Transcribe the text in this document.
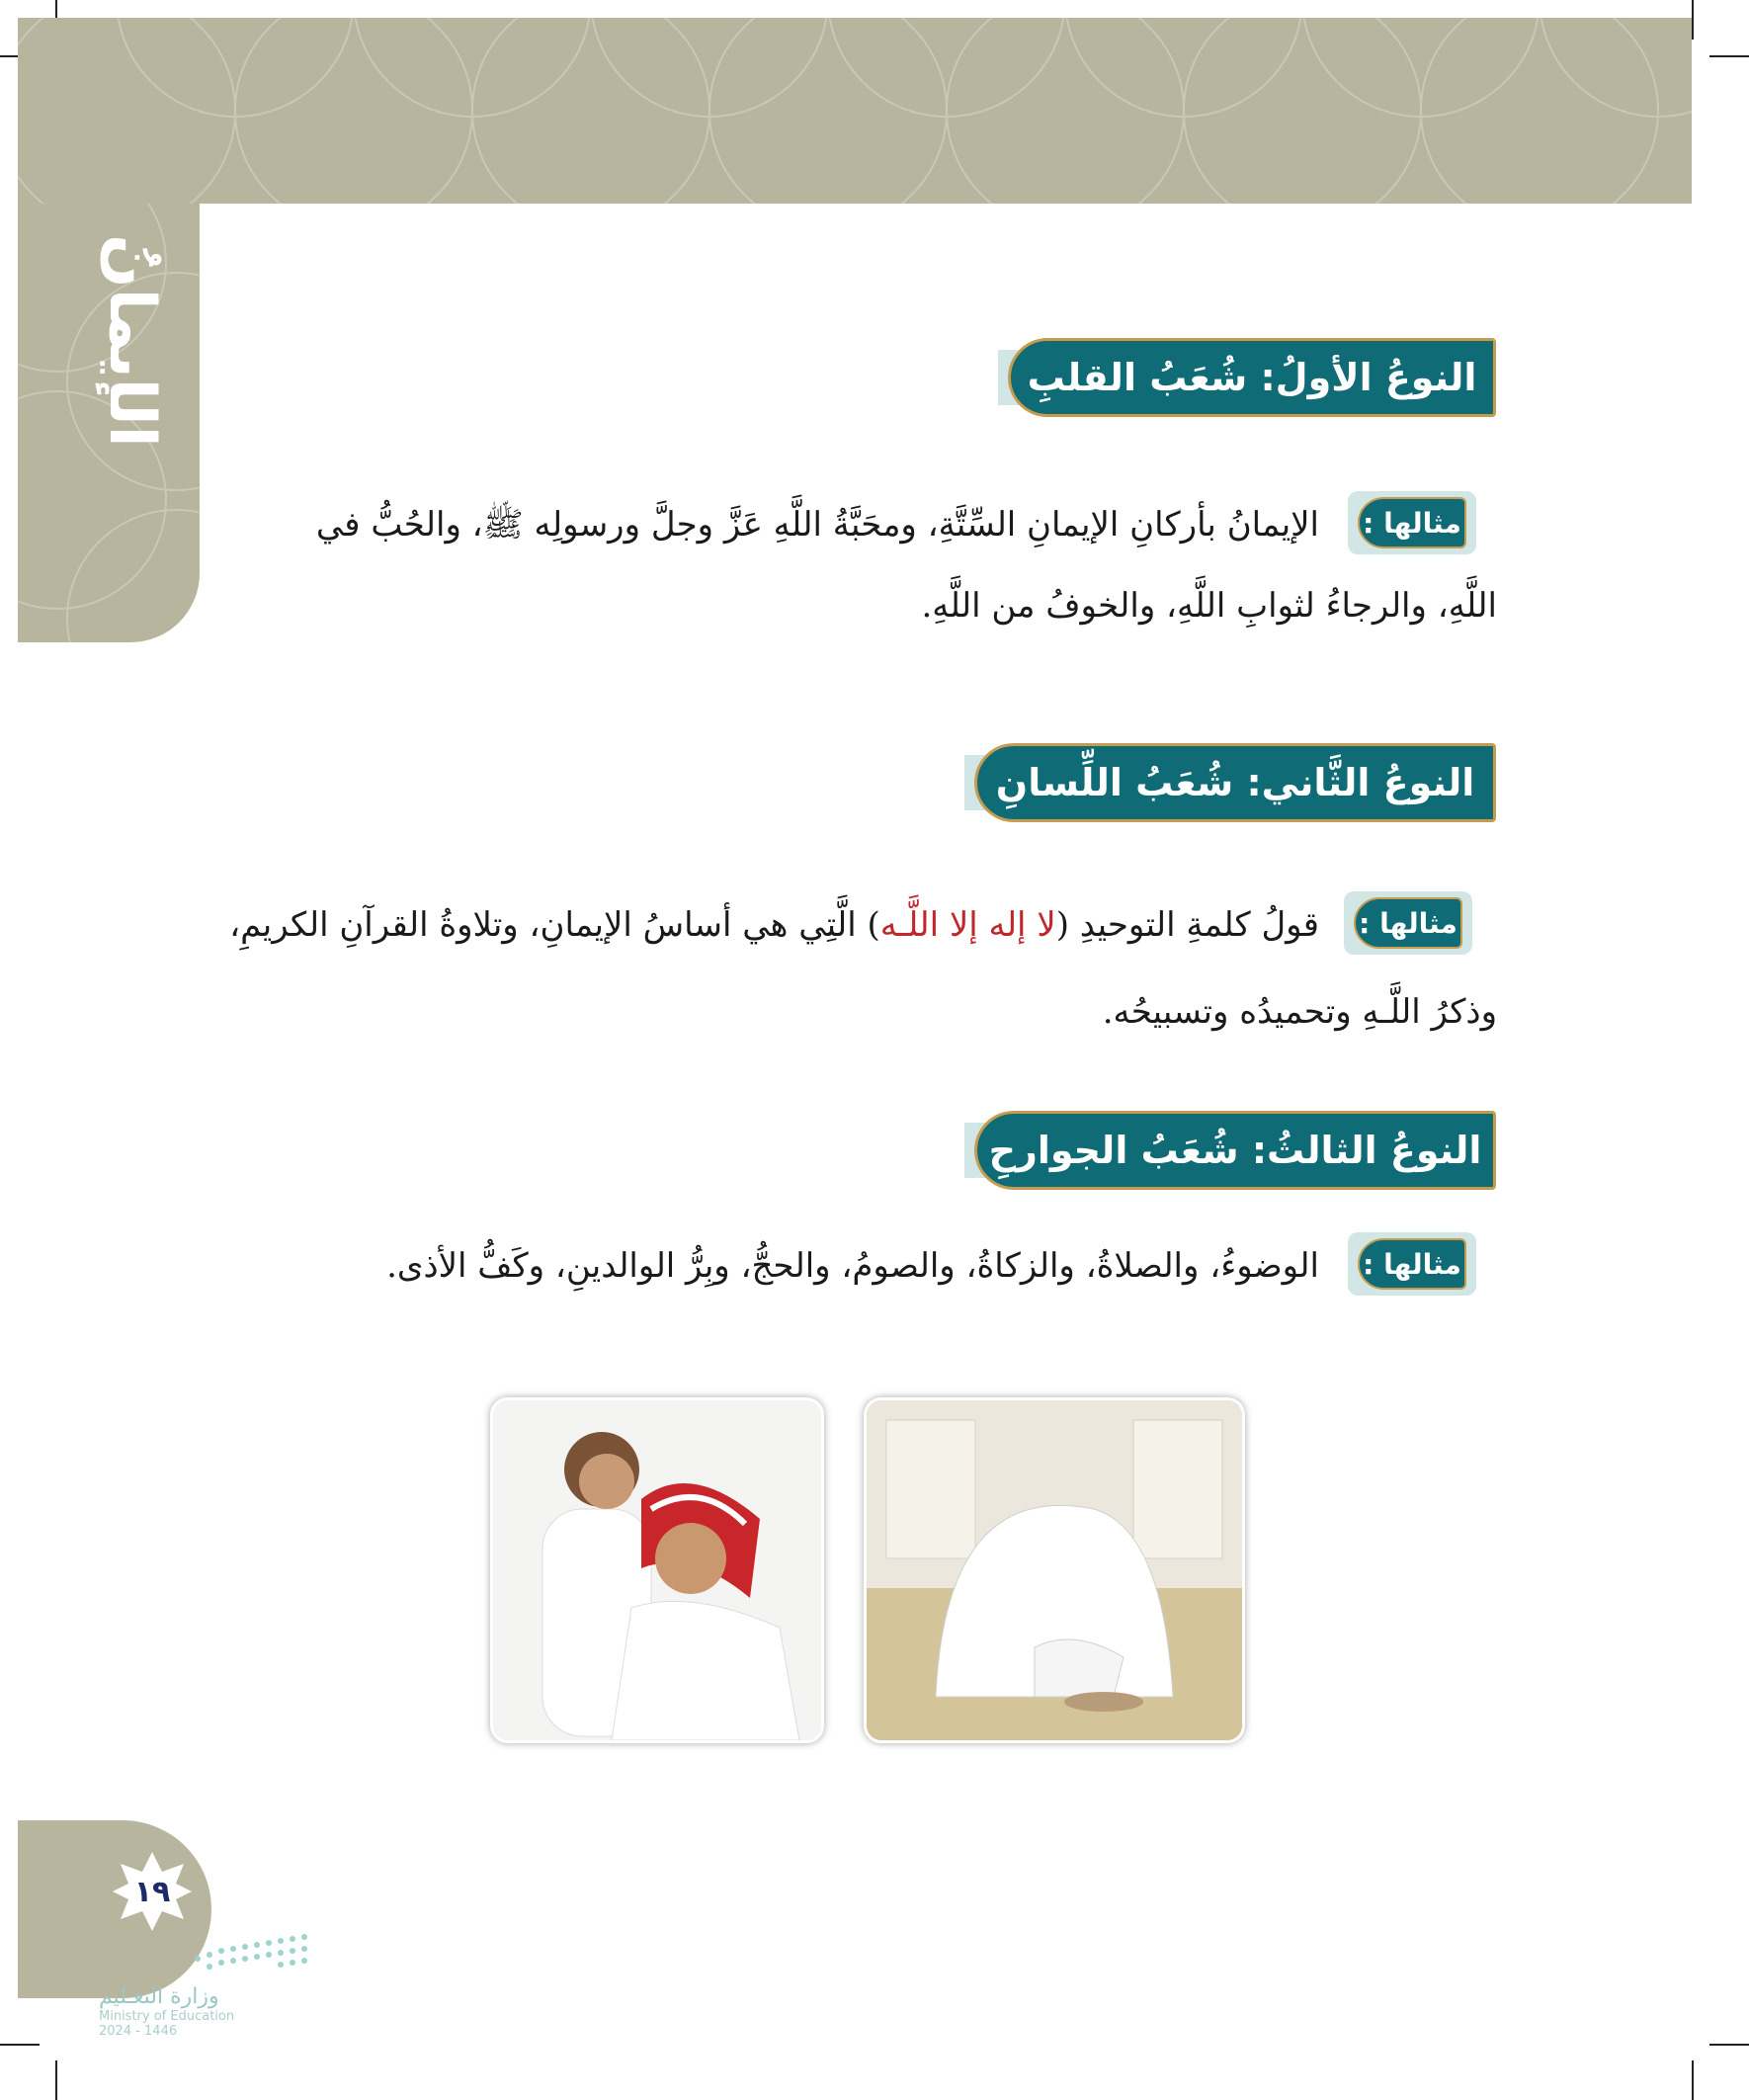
الإيمانُ	النوعُ الأولُ: شُعَبُ القلبِ
مثالها :
الإيمانُ بأركانِ الإيمانِ السِّتَّةِ، ومحَبَّةُ اللَّهِ عَزَّ وجلَّ ورسولِه ﷺ، والحُبُّ في
اللَّهِ، والرجاءُ لثوابِ اللَّهِ، والخوفُ من اللَّهِ.
النوعُ الثَّاني: شُعَبُ اللِّسانِ
مثالها :
قولُ كلمةِ التوحيدِ (لا إله إلا اللَّـه) الَّتِي هي أساسُ الإيمانِ، وتلاوةُ القرآنِ الكريمِ،
وذكرُ اللَّـهِ وتحميدُه وتسبيحُه.
النوعُ الثالثُ: شُعَبُ الجوارحِ
مثالها :
الوضوءُ، والصلاةُ، والزكاةُ، والصومُ، والحجُّ، وبِرُّ الوالدينِ، وكَفُّ الأذى.
١٩
وزارة التعـليم
Ministry of Education
2024 - 1446
